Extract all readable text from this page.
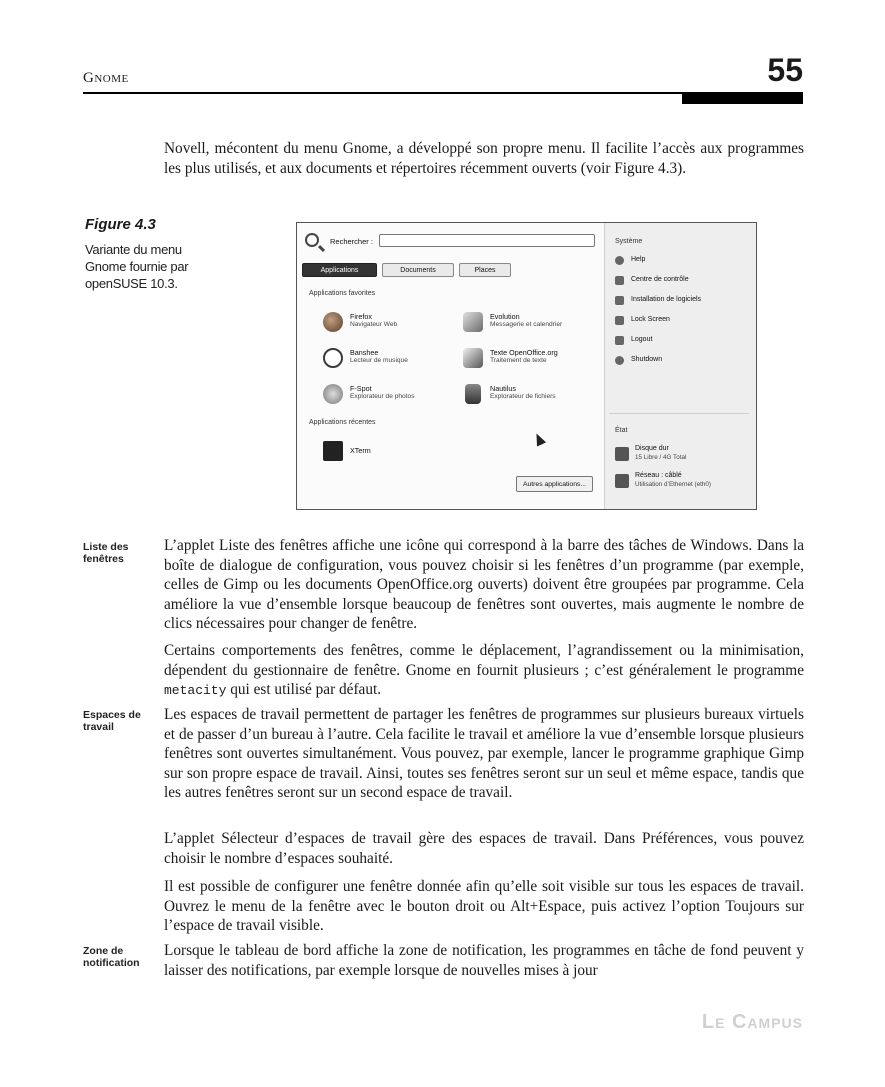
Gnome	55

Novell, mécontent du menu Gnome, a développé son propre menu. Il facilite l’accès aux programmes les plus utilisés, et aux documents et répertoires récemment ouverts (voir Figure 4.3).

Figure 4.3
Variante du menu Gnome fournie par openSUSE 10.3.
Rechercher :
Applications	Documents	Places
Applications favorites
Firefox
Navigateur Web
Evolution
Messagerie et calendrier
Banshee
Lecteur de musique
Texte OpenOffice.org
Traitement de texte
F-Spot
Explorateur de photos
Nautilus
Explorateur de fichiers
Applications récentes
XTerm
Autres applications...
Système
Help
Centre de contrôle
Installation de logiciels
Lock Screen
Logout
Shutdown
État
Disque dur
15 Libre / 4G Total
Réseau : câblé
Utilisation d’Ethernet (eth0)
Liste des fenêtres
Espaces de travail
Zone de notification

L’applet Liste des fenêtres affiche une icône qui correspond à la barre des tâches de Windows. Dans la boîte de dialogue de configuration, vous pouvez choisir si les fenêtres d’un programme (par exemple, celles de Gimp ou les documents OpenOffice.org ouverts) doivent être groupées par programme. Cela améliore la vue d’ensemble lorsque beaucoup de fenêtres sont ouvertes, mais augmente le nombre de clics nécessaires pour changer de fenêtre.

Certains comportements des fenêtres, comme le déplacement, l’agrandissement ou la minimisation, dépendent du gestionnaire de fenêtre. Gnome en fournit plusieurs ; c’est généralement le programme metacity qui est utilisé par défaut.

Les espaces de travail permettent de partager les fenêtres de programmes sur plusieurs bureaux virtuels et de passer d’un bureau à l’autre. Cela facilite le travail et améliore la vue d’ensemble lorsque plusieurs fenêtres sont ouvertes simultanément. Vous pouvez, par exemple, lancer le programme graphique Gimp sur son propre espace de travail. Ainsi, toutes ses fenêtres seront sur un seul et même espace, tandis que les autres fenêtres seront sur un second espace de travail.

L’applet Sélecteur d’espaces de travail gère des espaces de travail. Dans Préférences, vous pouvez choisir le nombre d’espaces souhaité.

Il est possible de configurer une fenêtre donnée afin qu’elle soit visible sur tous les espaces de travail. Ouvrez le menu de la fenêtre avec le bouton droit ou Alt+Espace, puis activez l’option Toujours sur l’espace de travail visible.

Lorsque le tableau de bord affiche la zone de notification, les programmes en tâche de fond peuvent y laisser des notifications, par exemple lorsque de nouvelles mises à jour

Le Campus
